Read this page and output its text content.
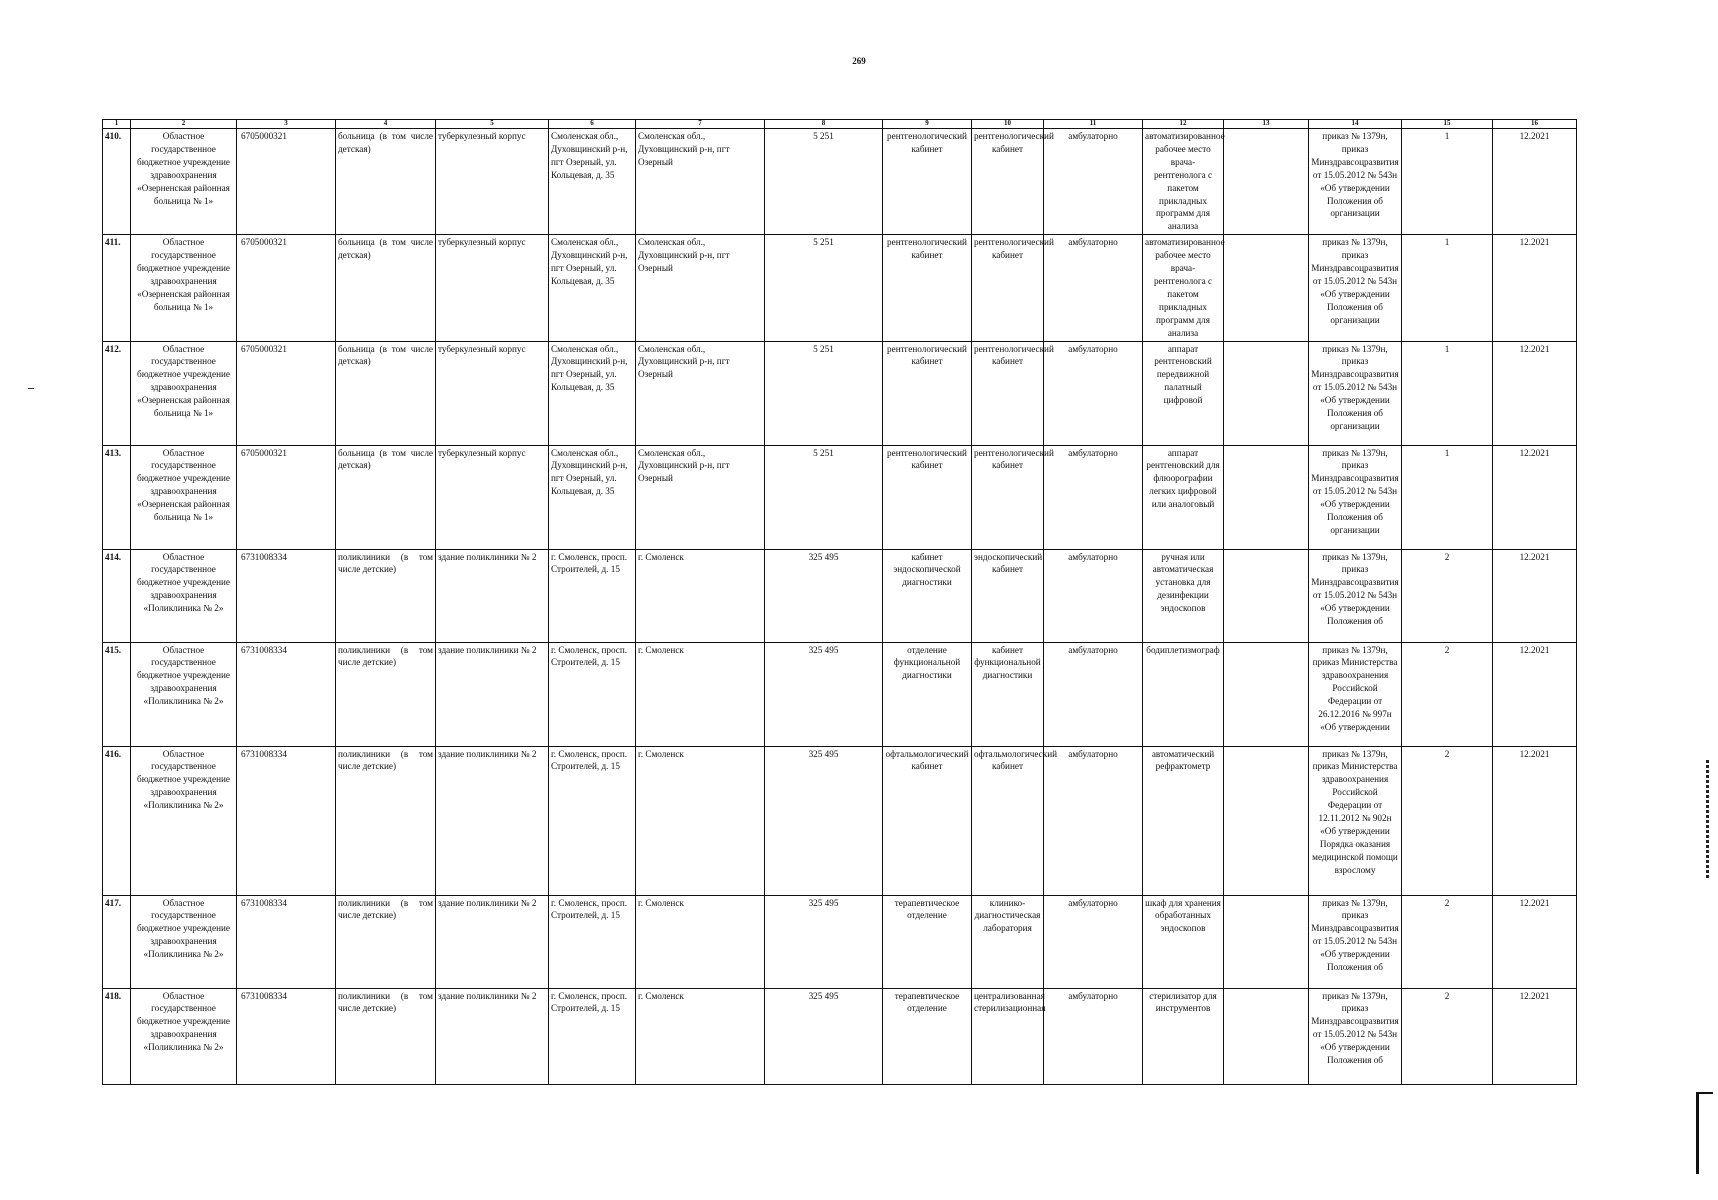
269
1	2	3	4	5	6	7	8	9	10	11	12	13	14	15	16
410.	Областное государственное бюджетное учреждение здравоохранения «Озерненская районная больница № 1»	6705000321	больница (в том числе детская)	туберкулезный корпус	Смоленская обл., Духовщинский р-н, пгт Озерный, ул. Кольцевая, д. 35	Смоленская обл., Духовщинский р-н, пгт Озерный	5 251	рентгенологический кабинет	рентгенологический кабинет	амбулаторно	автоматизированное рабочее место врача-рентгенолога с пакетом прикладных программ для анализа		приказ № 1379н, приказ Минздравсоцразвития от 15.05.2012 № 543н «Об утверждении Положения об организации	1	12.2021
411.	Областное государственное бюджетное учреждение здравоохранения «Озерненская районная больница № 1»	6705000321	больница (в том числе детская)	туберкулезный корпус	Смоленская обл., Духовщинский р-н, пгт Озерный, ул. Кольцевая, д. 35	Смоленская обл., Духовщинский р-н, пгт Озерный	5 251	рентгенологический кабинет	рентгенологический кабинет	амбулаторно	автоматизированное рабочее место врача-рентгенолога с пакетом прикладных программ для анализа		приказ № 1379н, приказ Минздравсоцразвития от 15.05.2012 № 543н «Об утверждении Положения об организации	1	12.2021
412.	Областное государственное бюджетное учреждение здравоохранения «Озерненская районная больница № 1»	6705000321	больница (в том числе детская)	туберкулезный корпус	Смоленская обл., Духовщинский р-н, пгт Озерный, ул. Кольцевая, д. 35	Смоленская обл., Духовщинский р-н, пгт Озерный	5 251	рентгенологический кабинет	рентгенологический кабинет	амбулаторно	аппарат рентгеновский передвижной палатный цифровой		приказ № 1379н, приказ Минздравсоцразвития от 15.05.2012 № 543н «Об утверждении Положения об организации	1	12.2021
413.	Областное государственное бюджетное учреждение здравоохранения «Озерненская районная больница № 1»	6705000321	больница (в том числе детская)	туберкулезный корпус	Смоленская обл., Духовщинский р-н, пгт Озерный, ул. Кольцевая, д. 35	Смоленская обл., Духовщинский р-н, пгт Озерный	5 251	рентгенологический кабинет	рентгенологический кабинет	амбулаторно	аппарат рентгеновский для флюорографии легких цифровой или аналоговый		приказ № 1379н, приказ Минздравсоцразвития от 15.05.2012 № 543н «Об утверждении Положения об организации	1	12.2021
414.	Областное государственное бюджетное учреждение здравоохранения «Поликлиника № 2»	6731008334	поликлиники (в том числе детские)	здание поликлиники № 2	г. Смоленск, просп. Строителей, д. 15	г. Смоленск	325 495	кабинет эндоскопической диагностики	эндоскопический кабинет	амбулаторно	ручная или автоматическая установка для дезинфекции эндоскопов		приказ № 1379н, приказ Минздравсоцразвития от 15.05.2012 № 543н «Об утверждении Положения об	2	12.2021
415.	Областное государственное бюджетное учреждение здравоохранения «Поликлиника № 2»	6731008334	поликлиники (в том числе детские)	здание поликлиники № 2	г. Смоленск, просп. Строителей, д. 15	г. Смоленск	325 495	отделение функциональной диагностики	кабинет функциональной диагностики	амбулаторно	бодиплетизмограф		приказ № 1379н, приказ Министерства здравоохранения Российской Федерации от 26.12.2016 № 997н «Об утверждении	2	12.2021
416.	Областное государственное бюджетное учреждение здравоохранения «Поликлиника № 2»	6731008334	поликлиники (в том числе детские)	здание поликлиники № 2	г. Смоленск, просп. Строителей, д. 15	г. Смоленск	325 495	офтальмологический кабинет	офтальмологический кабинет	амбулаторно	автоматический рефрактометр		приказ № 1379н, приказ Министерства здравоохранения Российской Федерации от 12.11.2012 № 902н «Об утверждении Порядка оказания медицинской помощи взрослому	2	12.2021
417.	Областное государственное бюджетное учреждение здравоохранения «Поликлиника № 2»	6731008334	поликлиники (в том числе детские)	здание поликлиники № 2	г. Смоленск, просп. Строителей, д. 15	г. Смоленск	325 495	терапевтическое отделение	клинико-диагностическая лаборатория	амбулаторно	шкаф для хранения обработанных эндоскопов		приказ № 1379н, приказ Минздравсоцразвития от 15.05.2012 № 543н «Об утверждении Положения об	2	12.2021
418.	Областное государственное бюджетное учреждение здравоохранения «Поликлиника № 2»	6731008334	поликлиники (в том числе детские)	здание поликлиники № 2	г. Смоленск, просп. Строителей, д. 15	г. Смоленск	325 495	терапевтическое отделение	централизованная стерилизационная	амбулаторно	стерилизатор для инструментов		приказ № 1379н, приказ Минздравсоцразвития от 15.05.2012 № 543н «Об утверждении Положения об	2	12.2021
